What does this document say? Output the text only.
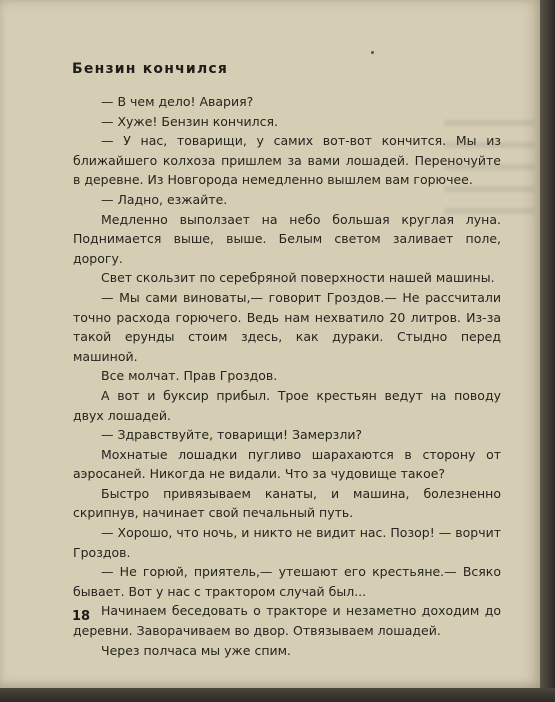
Бензин кончился

— В чем дело! Авария?

— Хуже! Бензин кончился.

— У нас, товарищи, у самих вот-вот кончится. Мы из ближайшего колхоза пришлем за вами лошадей. Переночуйте в деревне. Из Новгорода немедленно вышлем вам горючее.

— Ладно, езжайте.

Медленно выползает на небо большая круглая луна. Поднимается выше, выше. Белым светом заливает поле, дорогу.

Свет скользит по серебряной поверхности нашей машины.

— Мы сами виноваты,— говорит Гроздов.— Не рассчитали точно расхода горючего. Ведь нам нехватило 20 литров. Из-за такой ерунды стоим здесь, как дураки. Стыдно перед машиной.

Все молчат. Прав Гроздов.

А вот и буксир прибыл. Трое крестьян ведут на поводу двух лошадей.

— Здравствуйте, товарищи! Замерзли?

Мохнатые лошадки пугливо шарахаются в сторону от аэросаней. Никогда не видали. Что за чудовище такое?

Быстро привязываем канаты, и машина, болезненно скрипнув, начинает свой печальный путь.

— Хорошо, что ночь, и никто не видит нас. Позор! — ворчит Гроздов.

— Не горюй, приятель,— утешают его крестьяне.— Всяко бывает. Вот у нас с трактором случай был...

Начинаем беседовать о тракторе и незаметно доходим до деревни. Заворачиваем во двор. Отвязываем лошадей.

Через полчаса мы уже спим.

18
